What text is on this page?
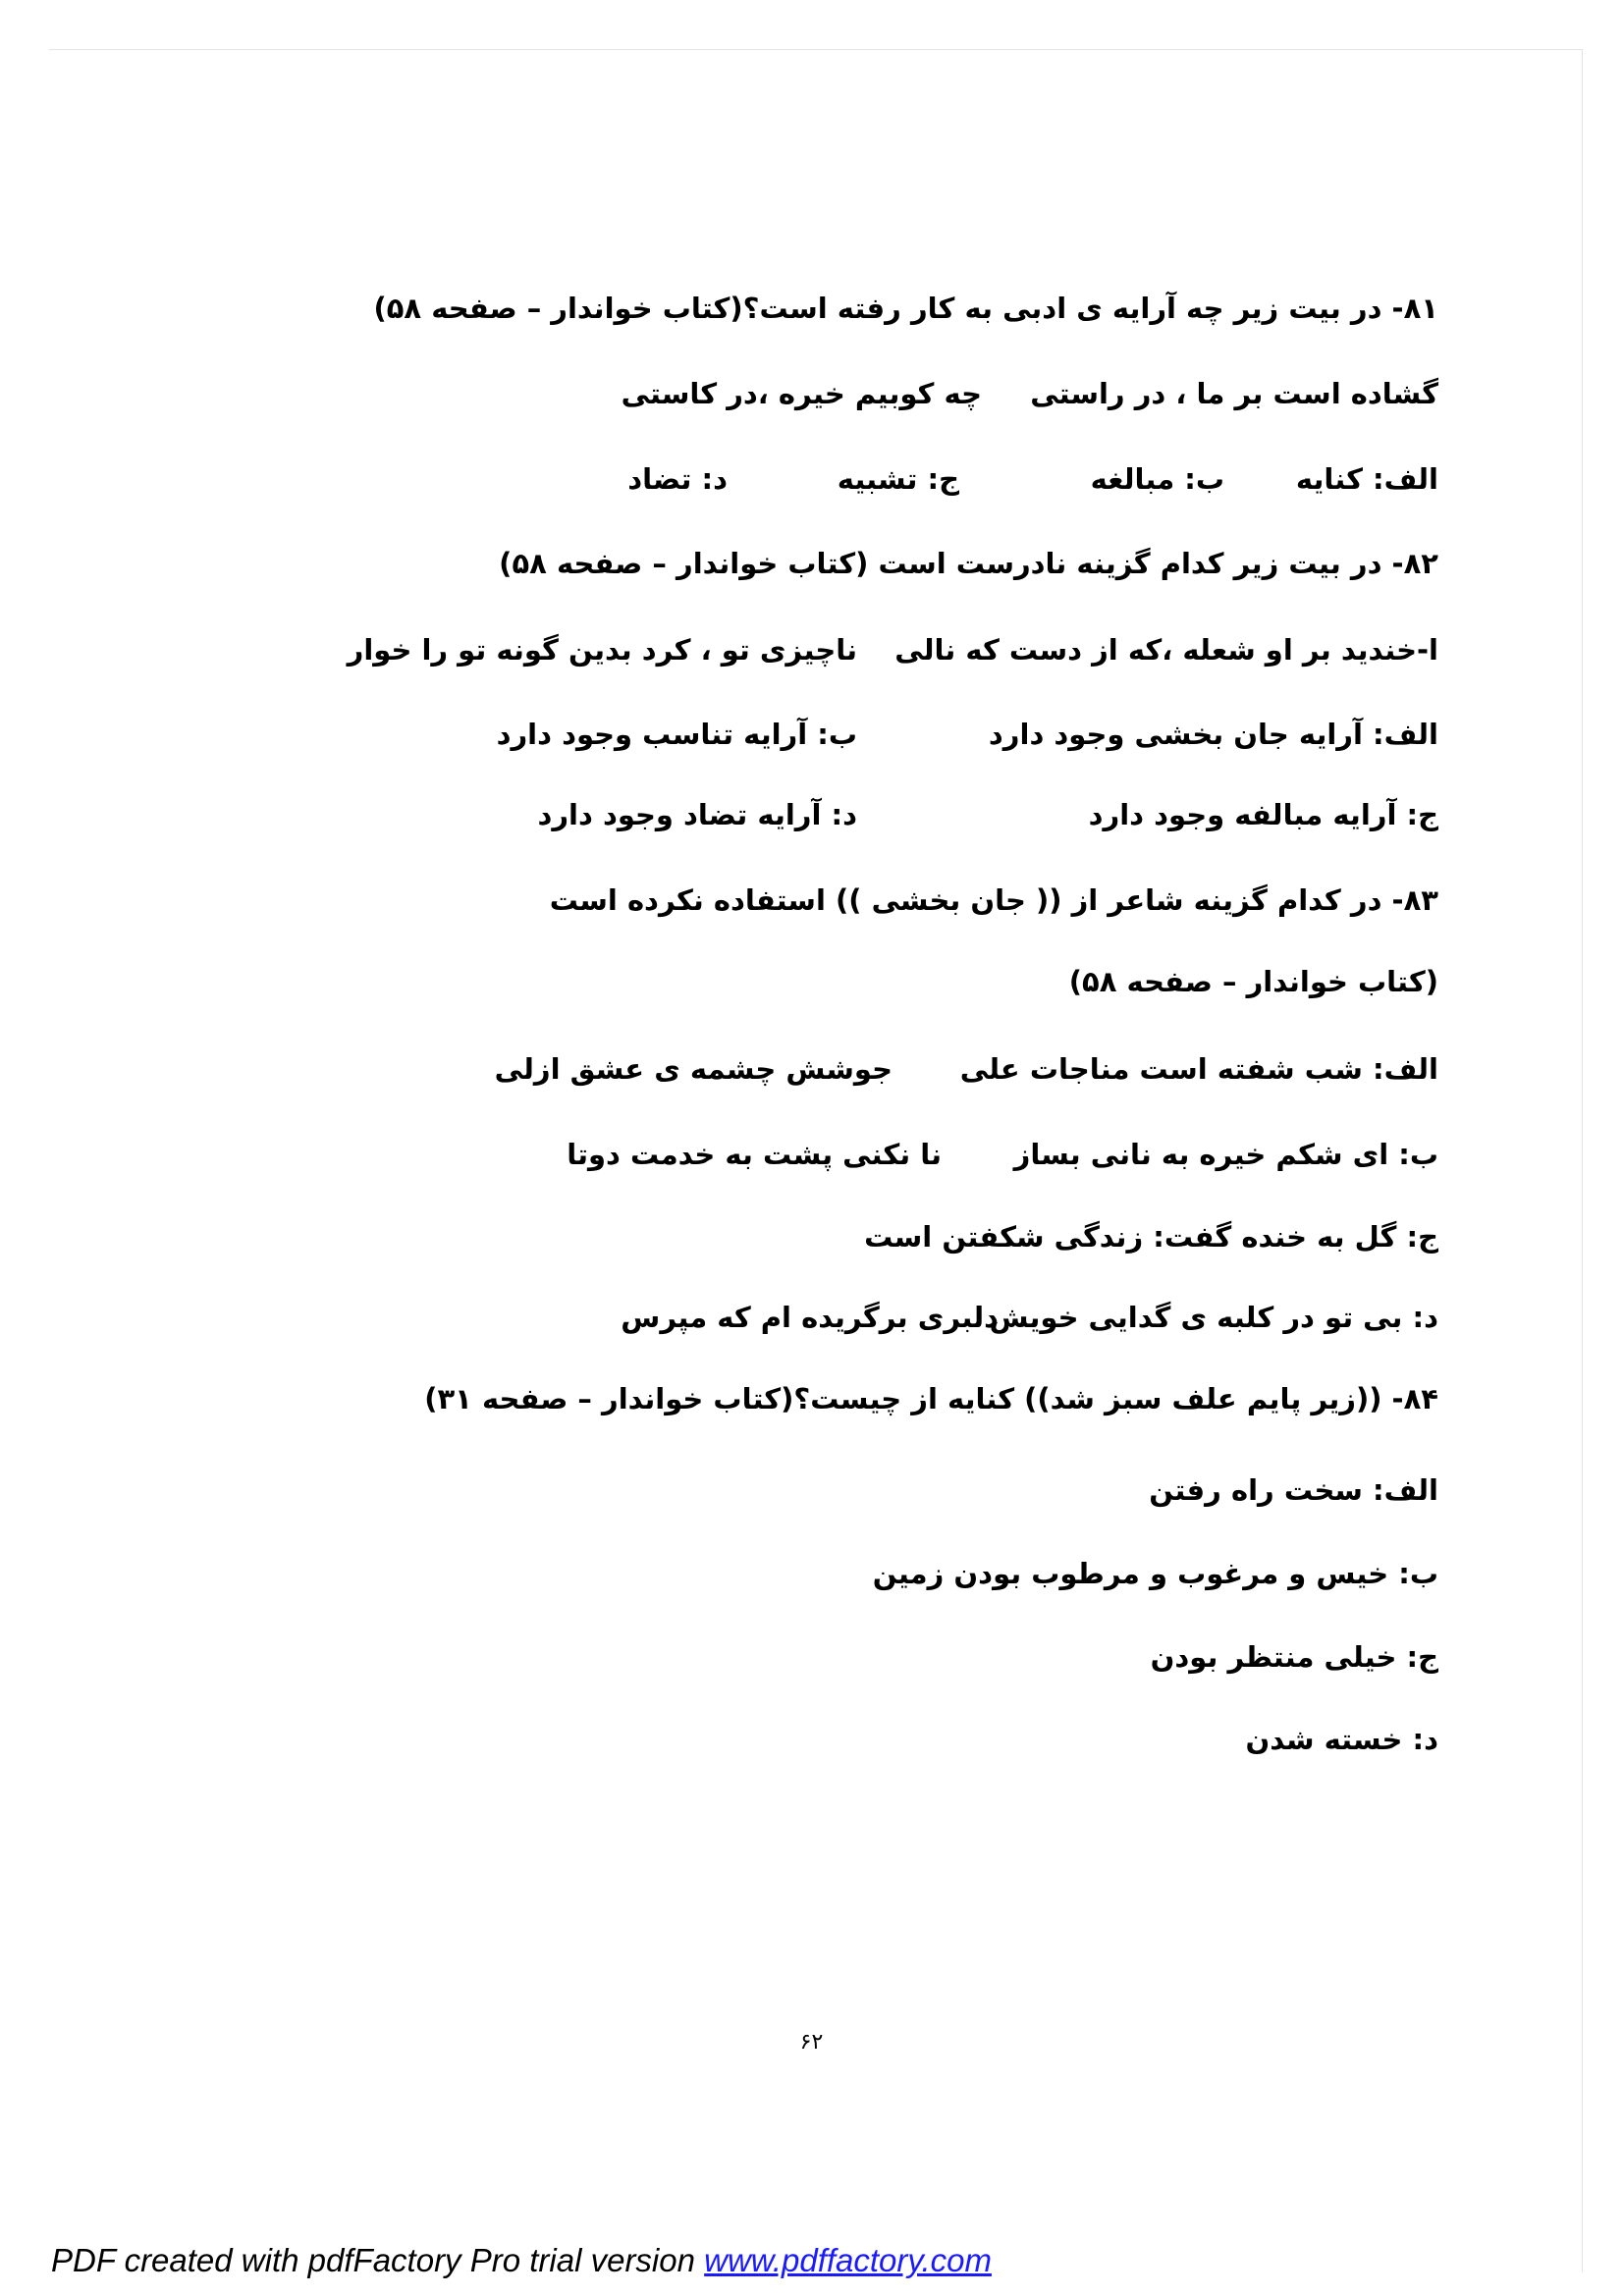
۸۱- در بیت زیر چه آرایه ی ادبی به کار رفته است؟(کتاب خواندار – صفحه ۵۸)
گشاده است بر ما ، در راستی
چه کوبیم خیره ،در کاستی
الف: کنایه
ب: مبالغه
ج: تشبیه
د: تضاد
۸۲- در بیت زیر کدام گزینه نادرست است (کتاب خواندار – صفحه ۵۸)
ا-خندید بر او شعله ،که از دست که نالی
ناچیزی تو ، کرد بدین گونه تو را خوار
الف: آرایه جان بخشی وجود دارد
ب: آرایه تناسب وجود دارد
ج: آرایه مبالفه وجود دارد
د: آرایه تضاد وجود دارد
۸۳- در کدام گزینه شاعر از (( جان بخشی )) استفاده نکرده است
(کتاب خواندار – صفحه ۵۸)
الف: شب شفته است مناجات علی
جوشش چشمه ی عشق ازلی
ب: ای شکم خیره به نانی بساز
نا نکنی پشت به خدمت دوتا
ج: گل به خنده گفت: زندگی شکفتن است
د: بی تو در کلبه ی گدایی خویش
دلبری برگریده ام که مپرس
۸۴- ((زیر پایم علف سبز شد)) کنایه از چیست؟(کتاب خواندار – صفحه ۳۱)
الف: سخت راه رفتن
ب: خیس و مرغوب و مرطوب بودن زمین
ج: خیلی منتظر بودن
د: خسته شدن
۶۲
PDF created with pdfFactory Pro trial version www.pdffactory.com
